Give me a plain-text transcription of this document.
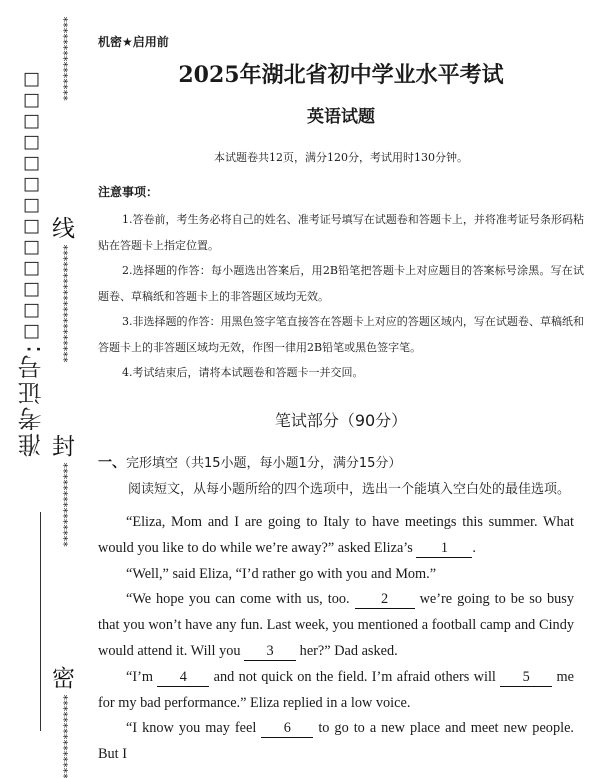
***************
线
*********************
封
***************
密
***************
准考证号:□□□□□□□□□□□□□
机密★启用前
2025年湖北省初中学业水平考试
英语试题
本试题卷共12页，满分120分，考试用时130分钟。
注意事项：

1.答卷前，考生务必将自己的姓名、准考证号填写在试题卷和答题卡上，并将准考证号条形码粘贴在答题卡上指定位置。

2.选择题的作答：每小题选出答案后，用2B铅笔把答题卡上对应题目的答案标号涂黑。写在试题卷、草稿纸和答题卡上的非答题区域均无效。

3.非选择题的作答：用黑色签字笔直接答在答题卡上对应的答题区域内，写在试题卷、草稿纸和答题卡上的非答题区域均无效，作图一律用2B铅笔或黑色签字笔。

4.考试结束后，请将本试题卷和答题卡一并交回。

笔试部分（90分）
一、完形填空（共15小题，每小题1分，满分15分）
阅读短文，从每小题所给的四个选项中，选出一个能填入空白处的最佳选项。

“Eliza, Mom and I are going to Italy to have meetings this summer. What would you like to do while we’re away?” asked Eliza’s 1 .

“Well,” said Eliza, “I’d rather go with you and Mom.”

“We hope you can come with us, too. 2 we’re going to be so busy that you won’t have any fun. Last week, you mentioned a football camp and Cindy would attend it. Will you 3 her?” Dad asked.

“I’m 4 and not quick on the field. I’m afraid others will 5 me for my bad performance.” Eliza replied in a low voice.

“I know you may feel 6 to go to a new place and meet new people. But I
